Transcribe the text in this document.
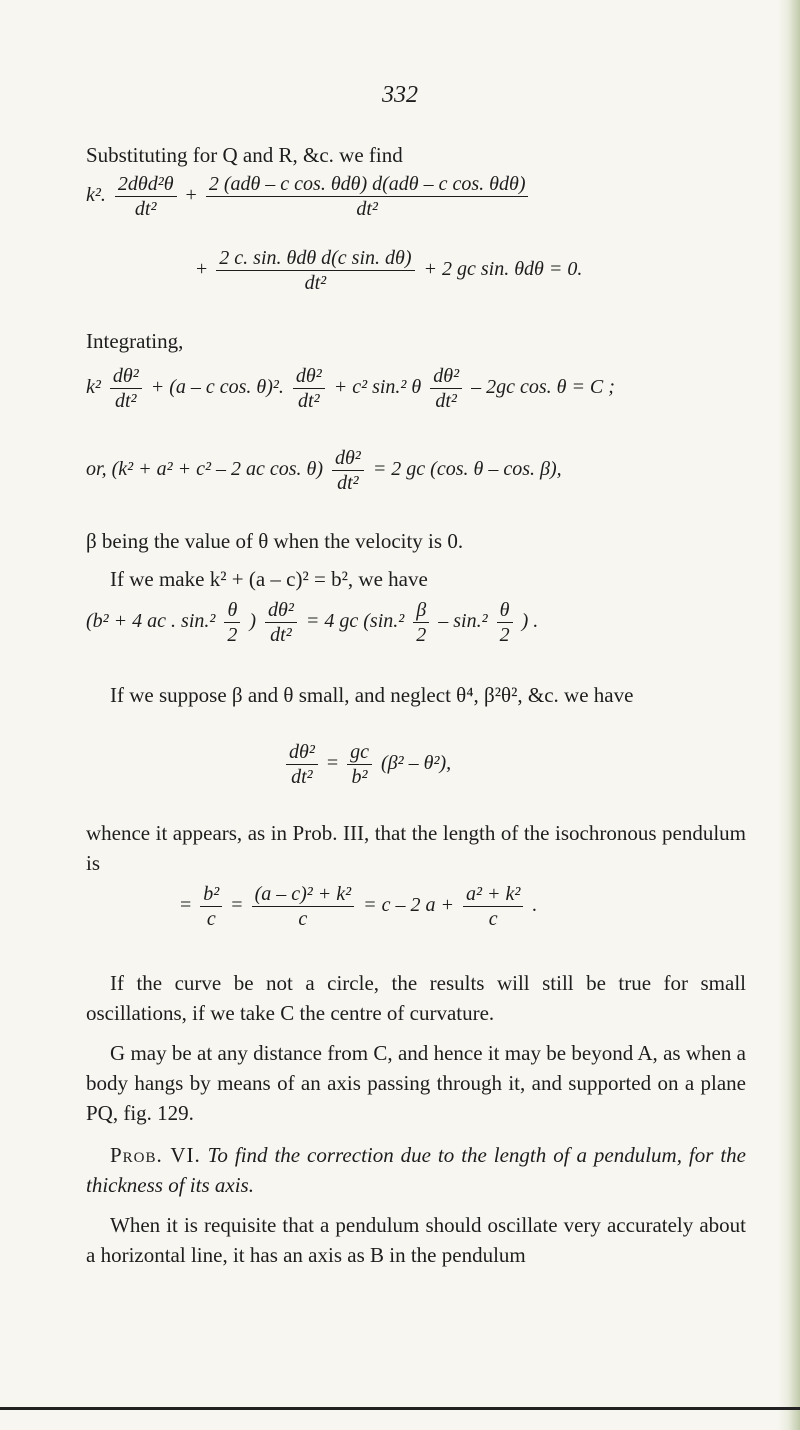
332
Substituting for Q and R, &c. we find
k². $\frac{\text{2dθd²θ}}{\text{dt²}} + \frac{\text{2 (adθ – c cos. θdθ) d(adθ – c cos. θdθ)}}{\text{dt²}}$
+ $\frac{\text{2 c. sin. θdθ d(c sin. dθ)}}{\text{dt²}} + 2$ gc sin. θdθ = 0.
Integrating,
$k^2 \frac{\text{dθ²}}{\text{dt²}} + (a - c$ cos. θ)². $\frac{\text{dθ²}}{\text{dt²}} + c^2$ sin.² θ $\frac{\text{dθ²}}{\text{dt²}} - 2gc$ cos. θ = C ;
or, (k² + a² + c² – 2 ac cos. $\theta) \frac{\text{dθ²}}{\text{dt²}} = 2$ gc (cos. θ – cos. β),
β being the value of θ when the velocity is 0.
If we make k² + (a – c)² = b², we have
(b² + 4 ac . $\sin.^2 \frac{\theta}{2}$ ) $\frac{\text{dθ²}}{\text{dt²}} = 4$ gc ($\sin.^2 \frac{\beta}{2} - \sin.^2 \frac{\theta}{2}$ ) .
If we suppose β and θ small, and neglect θ⁴, β²θ², &c. we have
$\frac{\text{dθ²}}{\text{dt²}} = \frac{gc}{\text{b²}} (\beta^2 - \theta^2)$,
whence it appears, as in Prob. III, that the length of the isochronous pendulum is
= $\frac{\text{b²}}{c} = \frac{\text{(a – c)² + k²}}{c} = c - 2$ $a + \frac{\text{a² + k²}}{c}$ .
If the curve be not a circle, the results will still be true for small oscillations, if we take C the centre of curvature.
G may be at any distance from C, and hence it may be beyond A, as when a body hangs by means of an axis passing through it, and supported on a plane PQ, fig. 129.
Prob. VI. To find the correction due to the length of a pendulum, for the thickness of its axis.
When it is requisite that a pendulum should oscillate very accurately about a horizontal line, it has an axis as B in the pendulum
